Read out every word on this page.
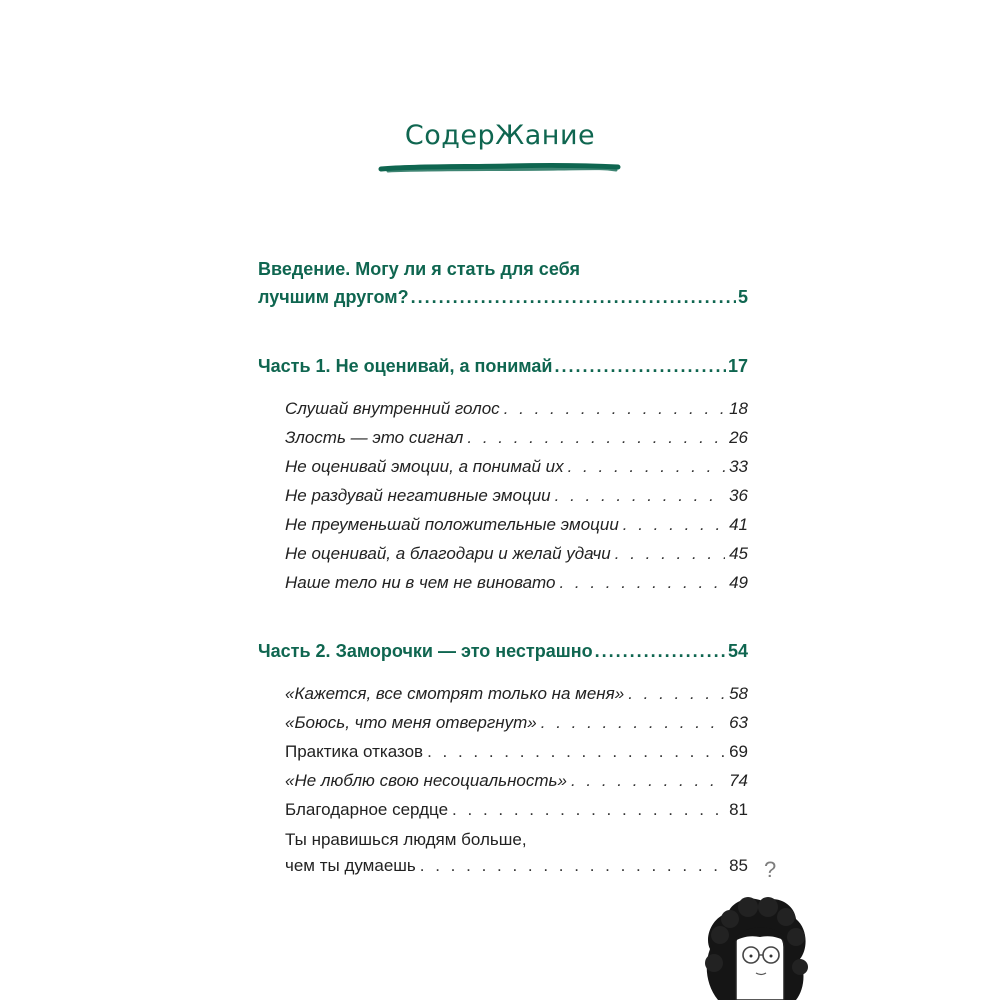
СодерЖание
Введение. Могу ли я стать для себя
лучшим другом? .....	5
Часть 1. Не оценивай, а понимай .....	17
Слушай внутренний голос . . .	18
Злость — это сигнал . . .	26
Не оценивай эмоции, а понимай их . . .	33
Не раздувай негативные эмоции . . .	36
Не преуменьшай положительные эмоции . . .	41
Не оценивай, а благодари и желай удачи . . .	45
Наше тело ни в чем не виновато . . .	49
Часть 2. Заморочки — это нестрашно .....	54
«Кажется, все смотрят только на меня» . . .	58
«Боюсь, что меня отвергнут» . . .	63
Практика отказов . . .	69
«Не люблю свою несоциальность» . . .	74
Благодарное сердце . . .	81
Ты нравишься людям больше,
чем ты думаешь . . .	85 ?
